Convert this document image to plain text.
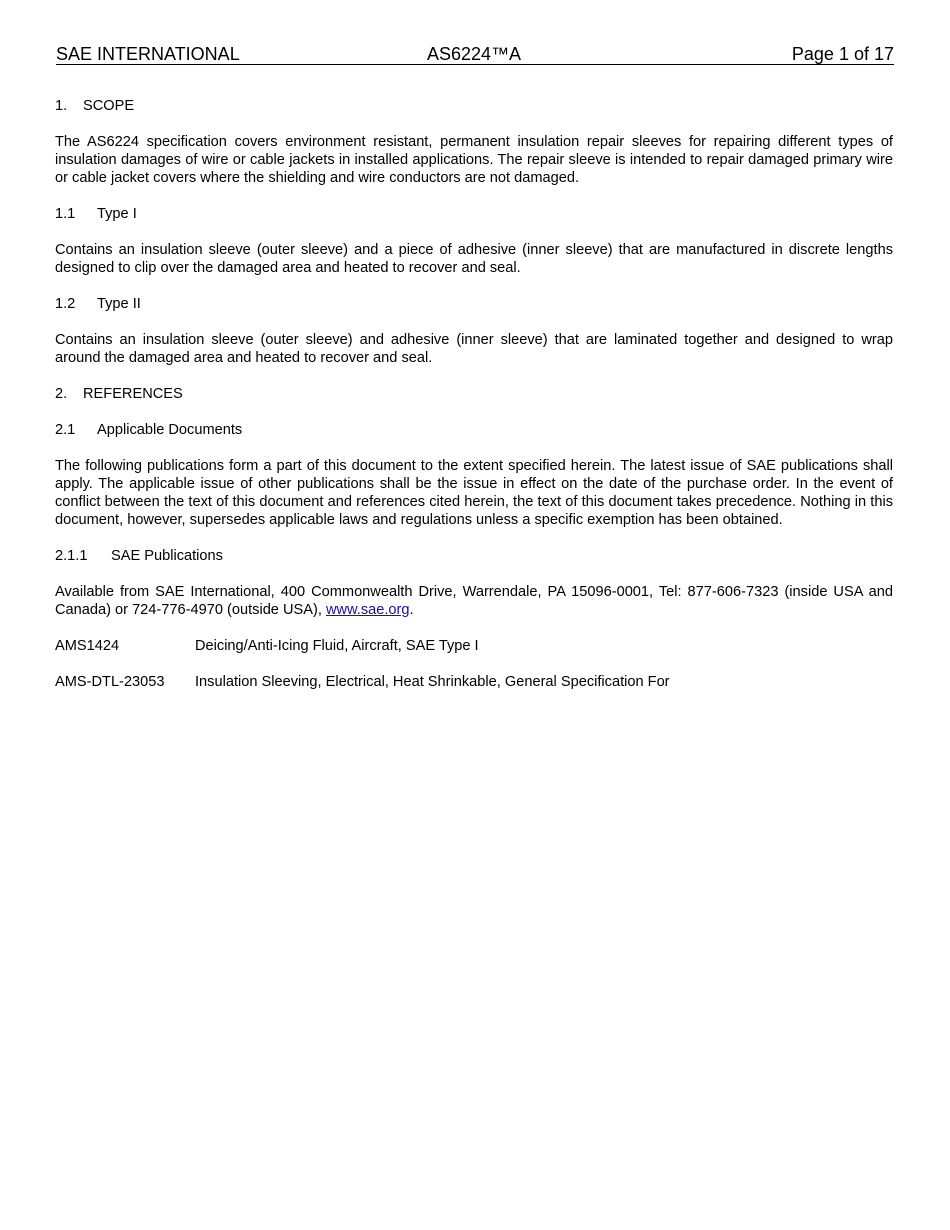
SAE INTERNATIONAL	AS6224™A	Page 1 of 17
1. SCOPE

The AS6224 specification covers environment resistant, permanent insulation repair sleeves for repairing different types of insulation damages of wire or cable jackets in installed applications. The repair sleeve is intended to repair damaged primary wire or cable jacket covers where the shielding and wire conductors are not damaged.

1.1 Type I

Contains an insulation sleeve (outer sleeve) and a piece of adhesive (inner sleeve) that are manufactured in discrete lengths designed to clip over the damaged area and heated to recover and seal.

1.2 Type II

Contains an insulation sleeve (outer sleeve) and adhesive (inner sleeve) that are laminated together and designed to wrap around the damaged area and heated to recover and seal.

2. REFERENCES
2.1 Applicable Documents

The following publications form a part of this document to the extent specified herein. The latest issue of SAE publications shall apply. The applicable issue of other publications shall be the issue in effect on the date of the purchase order. In the event of conflict between the text of this document and references cited herein, the text of this document takes precedence. Nothing in this document, however, supersedes applicable laws and regulations unless a specific exemption has been obtained.

2.1.1 SAE Publications

Available from SAE International, 400 Commonwealth Drive, Warrendale, PA 15096-0001, Tel: 877-606-7323 (inside USA and Canada) or 724-776-4970 (outside USA), www.sae.org.

AMS1424	Deicing/Anti-Icing Fluid, Aircraft, SAE Type I
AMS-DTL-23053 Insulation Sleeving, Electrical, Heat Shrinkable, General Specification For
